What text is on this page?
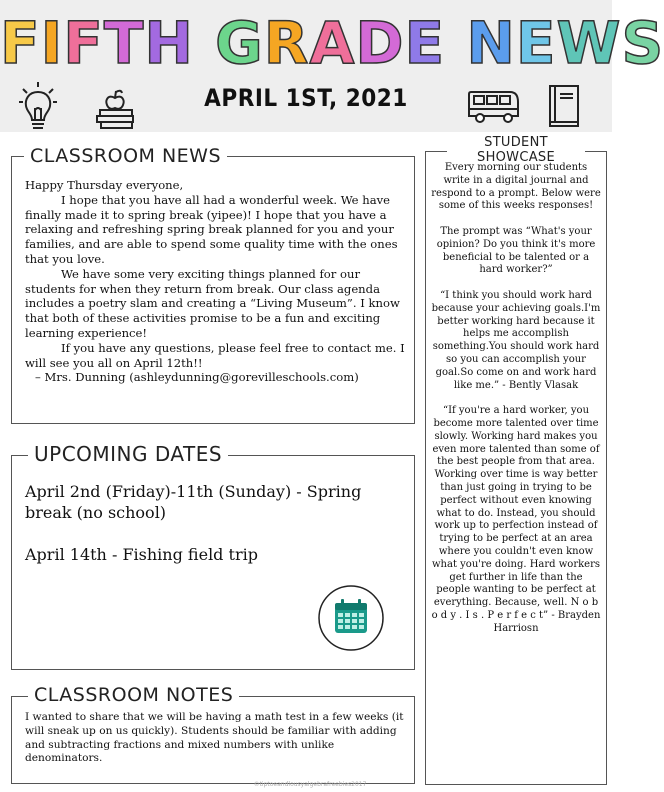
FIFTH GRADE NEWS
APRIL 1ST, 2021
CLASSROOM NEWS

Happy Thursday everyone,

I hope that you have all had a wonderful week. We have finally made it to spring break (yipee)! I hope that you have a relaxing and refreshing spring break planned for you and your families, and are able to spend some quality time with the ones that you love.

We have some very exciting things planned for our students for when they return from break. Our class agenda includes a poetry slam and creating a “Living Museum”. I know that both of these activities promise to be a fun and exciting learning experience!

If you have any questions, please feel free to contact me. I will see you all on April 12th!!

– Mrs. Dunning (ashleydunning@gorevilleschools.com)

UPCOMING DATES

April 2nd (Friday)-11th (Sunday) - Spring break (no school)

April 14th - Fishing field trip

CLASSROOM NOTES
I wanted to share that we will be having a math test in a few weeks (it will sneak up on us quickly). Students should be familiar with adding and subtracting fractions and mixed numbers with unlike denominators.
STUDENT SHOWCASE

Every morning our students write in a digital journal and respond to a prompt. Below were some of this weeks responses!

The prompt was “What's your opinion? Do you think it's more beneficial to be talented or a hard worker?”

“I think you should work hard because your achieving goals.I'm better working hard because it helps me accomplish something.You should work hard so you can accomplish your goal.So come on and work hard like me.” - Bently Vlasak

“If you're a hard worker, you become more talented over time slowly. Working hard makes you even more talented than some of the best people from that area. Working over time is way better than just going in trying to be perfect without even knowing what to do. Instead, you should work up to perfection instead of trying to be perfect at an area where you couldn't even know what you're doing. Hard workers get further in life than the people wanting to be perfect at everything. Because, well. N o b o d y . I s . P e r f e c t” - Brayden Harriosn

©tiptoeandlousyalgebrafreebies2017
